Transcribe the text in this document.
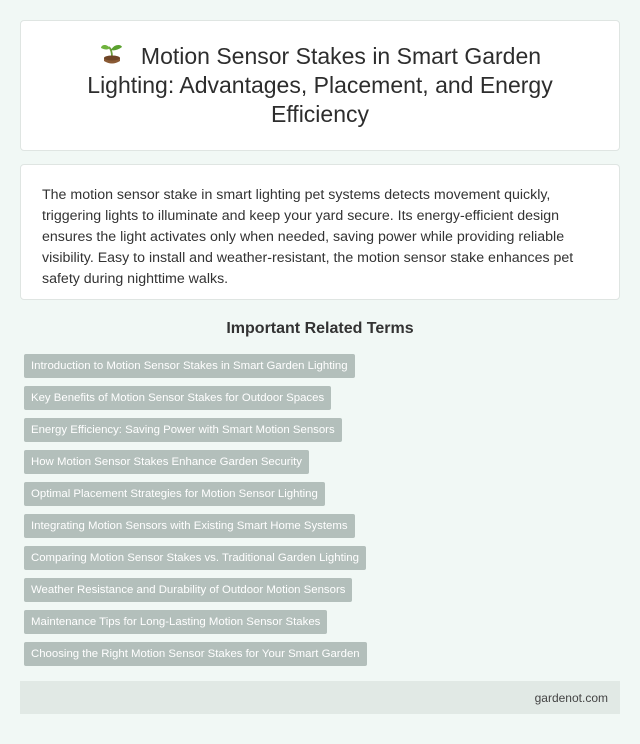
Motion Sensor Stakes in Smart Garden Lighting: Advantages, Placement, and Energy Efficiency

The motion sensor stake in smart lighting pet systems detects movement quickly, triggering lights to illuminate and keep your yard secure. Its energy-efficient design ensures the light activates only when needed, saving power while providing reliable visibility. Easy to install and weather-resistant, the motion sensor stake enhances pet safety during nighttime walks.

Important Related Terms
Introduction to Motion Sensor Stakes in Smart Garden Lighting
Key Benefits of Motion Sensor Stakes for Outdoor Spaces
Energy Efficiency: Saving Power with Smart Motion Sensors
How Motion Sensor Stakes Enhance Garden Security
Optimal Placement Strategies for Motion Sensor Lighting
Integrating Motion Sensors with Existing Smart Home Systems
Comparing Motion Sensor Stakes vs. Traditional Garden Lighting
Weather Resistance and Durability of Outdoor Motion Sensors
Maintenance Tips for Long-Lasting Motion Sensor Stakes
Choosing the Right Motion Sensor Stakes for Your Smart Garden
gardenot.com
